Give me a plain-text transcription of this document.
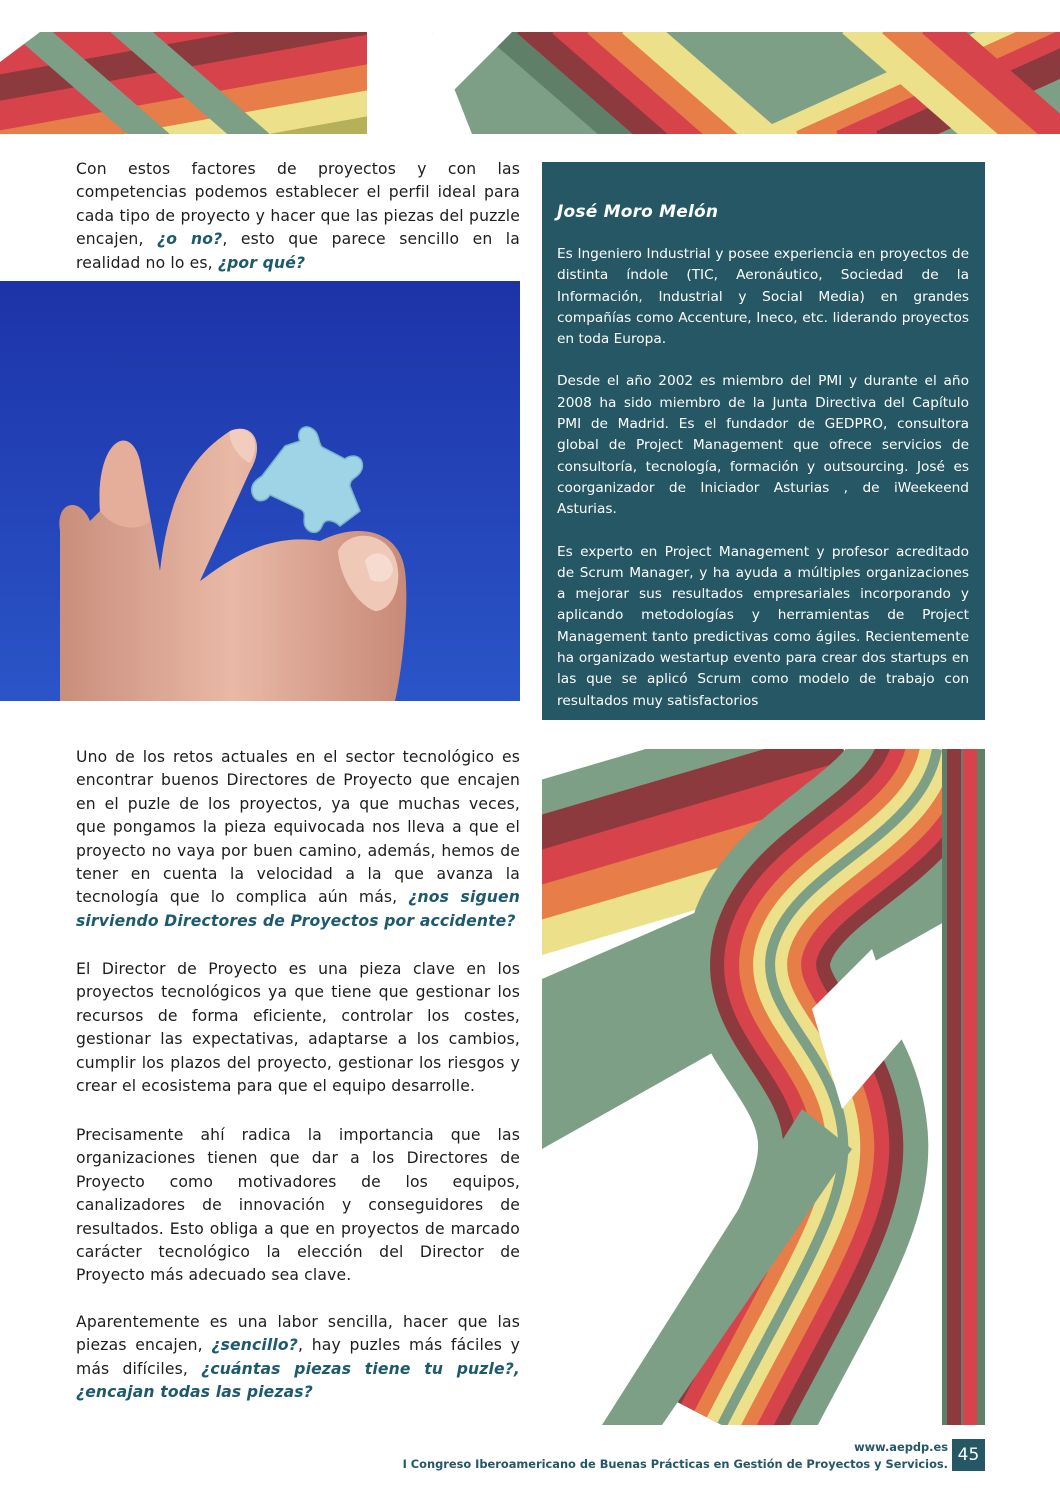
Con estos factores de proyectos y con las competencias podemos establecer el perfil ideal para cada tipo de proyecto y hacer que las piezas del puzzle encajen, ¿o no?, esto que parece sencillo en la realidad no lo es, ¿por qué?
José Moro Melón

Es Ingeniero Industrial y posee experiencia en proyectos de distinta índole (TIC, Aeronáutico, Sociedad de la Información, Industrial y Social Media) en grandes compañías como Accenture, Ineco, etc. liderando proyectos en toda Europa.

Desde el año 2002 es miembro del PMI y durante el año 2008 ha sido miembro de la Junta Directiva del Capítulo PMI de Madrid. Es el fundador de GEDPRO, consultora global de Project Management que ofrece servicios de consultoría, tecnología, formación y outsourcing. José es coorganizador de Iniciador Asturias , de iWeekeend Asturias.

Es experto en Project Management y profesor acreditado de Scrum Manager, y ha ayuda a múltiples organizaciones a mejorar sus resultados empresariales incorporando y aplicando metodologías y herramientas de Project Management tanto predictivas como ágiles. Recientemente ha organizado westartup evento para crear dos startups en las que se aplicó Scrum como modelo de trabajo con resultados muy satisfactorios

Uno de los retos actuales en el sector tecnológico es encontrar buenos Directores de Proyecto que encajen en el puzle de los proyectos, ya que muchas veces, que pongamos la pieza equivocada nos lleva a que el proyecto no vaya por buen camino, además, hemos de tener en cuenta la velocidad a la que avanza la tecnología que lo complica aún más, ¿nos siguen sirviendo Directores de Proyectos por accidente?
El Director de Proyecto es una pieza clave en los proyectos tecnológicos ya que tiene que gestionar los recursos de forma eficiente, controlar los costes, gestionar las expectativas, adaptarse a los cambios, cumplir los plazos del proyecto, gestionar los riesgos y crear el ecosistema para que el equipo desarrolle.
Precisamente ahí radica la importancia que las organizaciones tienen que dar a los Directores de Proyecto como motivadores de los equipos, canalizadores de innovación y conseguidores de resultados. Esto obliga a que en proyectos de marcado carácter tecnológico la elección del Director de Proyecto más adecuado sea clave.
Aparentemente es una labor sencilla, hacer que las piezas encajen, ¿sencillo?, hay puzles más fáciles y más difíciles, ¿cuántas piezas tiene tu puzle?, ¿encajan todas las piezas?
www.aepdp.es
I Congreso Iberoamericano de Buenas Prácticas en Gestión de Proyectos y Servicios. 45
